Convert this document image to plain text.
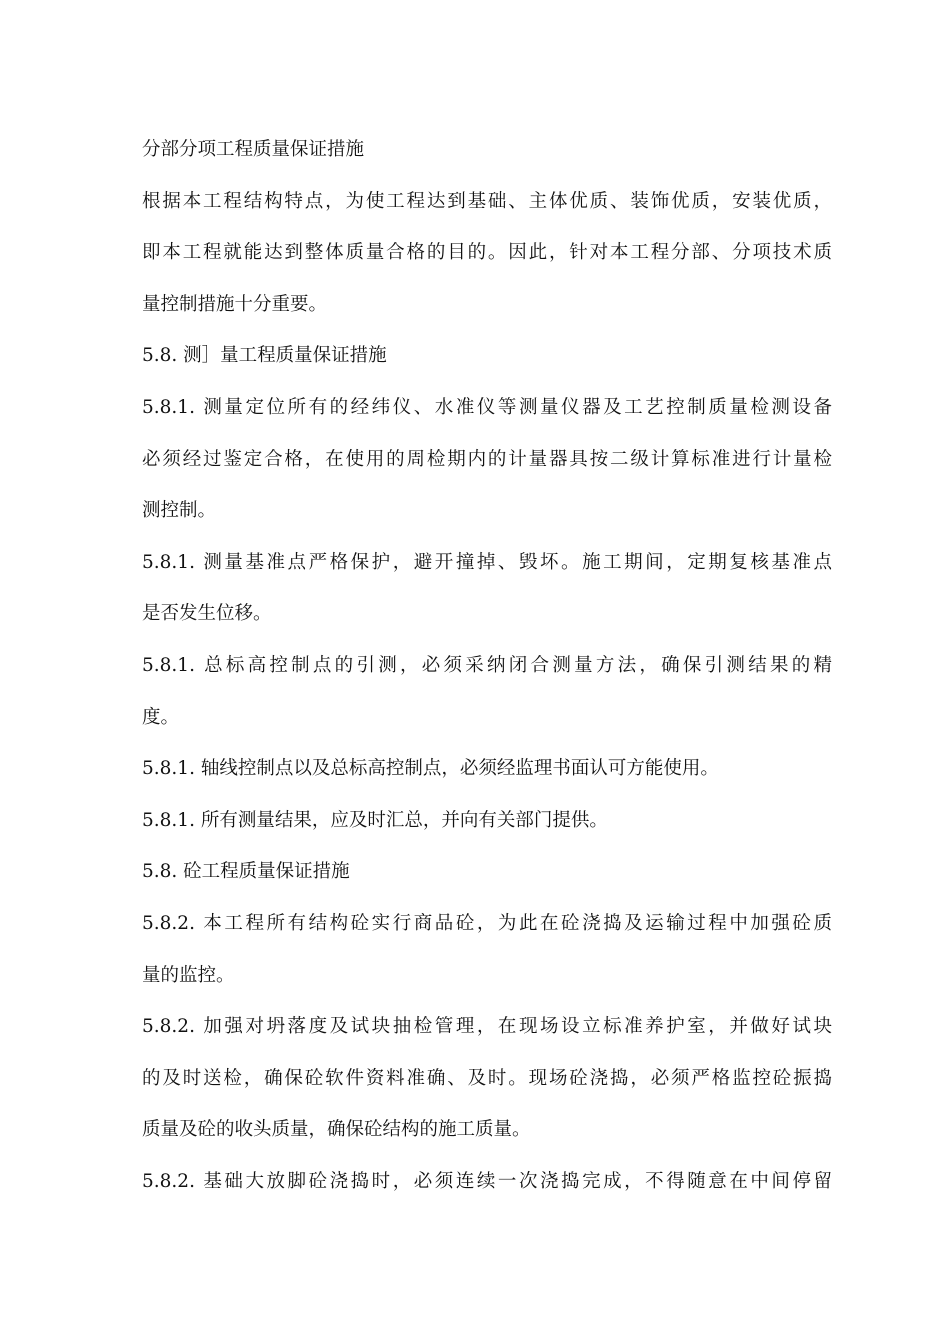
分部分项工程质量保证措施

根据本工程结构特点，为使工程达到基础、主体优质、装饰优质，安装优质，

即本工程就能达到整体质量合格的目的。因此，针对本工程分部、分项技术质

量控制措施十分重要。

5.8. 测］量工程质量保证措施

5.8.1. 测量定位所有的经纬仪、水准仪等测量仪器及工艺控制质量检测设备

必须经过鉴定合格，在使用的周检期内的计量器具按二级计算标准进行计量检

测控制。

5.8.1. 测量基准点严格保护，避开撞掉、毁坏。施工期间，定期复核基准点

是否发生位移。

5.8.1. 总标高控制点的引测，必须采纳闭合测量方法，确保引测结果的精

度。

5.8.1. 轴线控制点以及总标高控制点，必须经监理书面认可方能使用。

5.8.1. 所有测量结果，应及时汇总，并向有关部门提供。

5.8. 砼工程质量保证措施

5.8.2. 本工程所有结构砼实行商品砼，为此在砼浇捣及运输过程中加强砼质

量的监控。

5.8.2. 加强对坍落度及试块抽检管理，在现场设立标准养护室，并做好试块

的及时送检，确保砼软件资料准确、及时。现场砼浇捣，必须严格监控砼振捣

质量及砼的收头质量，确保砼结构的施工质量。

5.8.2. 基础大放脚砼浇捣时，必须连续一次浇捣完成，不得随意在中间停留
